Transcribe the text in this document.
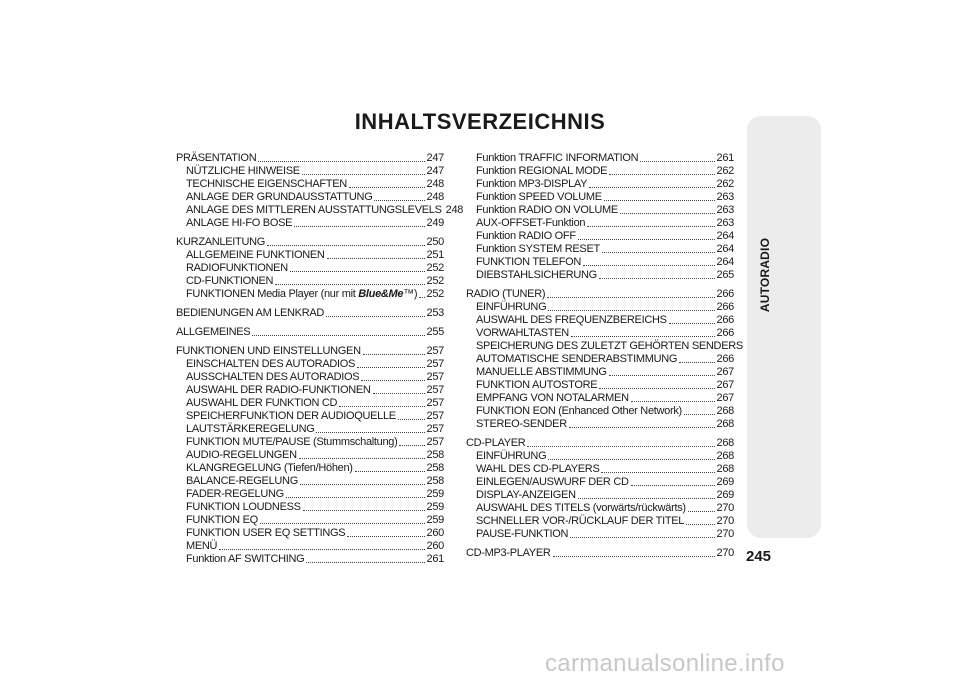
INHALTSVERZEICHNIS
PRÄSENTATION	247
NÜTZLICHE HINWEISE	247
TECHNISCHE EIGENSCHAFTEN	248
ANLAGE DER GRUNDAUSSTATTUNG	248
ANLAGE DES MITTLEREN AUSSTATTUNGSLEVELS 248
ANLAGE HI-FO BOSE	249
KURZANLEITUNG	250
ALLGEMEINE FUNKTIONEN	251
RADIOFUNKTIONEN	252
CD-FUNKTIONEN	252
FUNKTIONEN Media Player (nur mit Blue&Me™) 252
BEDIENUNGEN AM LENKRAD	253
ALLGEMEINES	255
FUNKTIONEN UND EINSTELLUNGEN	257
EINSCHALTEN DES AUTORADIOS	257
AUSSCHALTEN DES AUTORADIOS	257
AUSWAHL DER RADIO-FUNKTIONEN	257
AUSWAHL DER FUNKTION CD	257
SPEICHERFUNKTION DER AUDIOQUELLE	257
LAUTSTÄRKEREGELUNG	257
FUNKTION MUTE/PAUSE (Stummschaltung)	257
AUDIO-REGELUNGEN	258
KLANGREGELUNG (Tiefen/Höhen)	258
BALANCE-REGELUNG	258
FADER-REGELUNG	259
FUNKTION LOUDNESS	259
FUNKTION EQ	259
FUNKTION USER EQ SETTINGS	260
MENÜ	260
Funktion AF SWITCHING	261
Funktion TRAFFIC INFORMATION	261
Funktion REGIONAL MODE	262
Funktion MP3-DISPLAY	262
Funktion SPEED VOLUME	263
Funktion RADIO ON VOLUME	263
AUX-OFFSET-Funktion	263
Funktion RADIO OFF	264
Funktion SYSTEM RESET	264
FUNKTION TELEFON	264
DIEBSTAHLSICHERUNG	265
RADIO (TUNER)	266
EINFÜHRUNG	266
AUSWAHL DES FREQUENZBEREICHS	266
VORWAHLTASTEN	266
SPEICHERUNG DES ZULETZT GEHÖRTEN SENDERS
AUTOMATISCHE SENDERABSTIMMUNG	266
MANUELLE ABSTIMMUNG	267
FUNKTION AUTOSTORE	267
EMPFANG VON NOTALARMEN	267
FUNKTION EON (Enhanced Other Network)	268
STEREO-SENDER	268
CD-PLAYER	268
EINFÜHRUNG	268
WAHL DES CD-PLAYERS	268
EINLEGEN/AUSWURF DER CD	269
DISPLAY-ANZEIGEN	269
AUSWAHL DES TITELS (vorwärts/rückwärts)	270
SCHNELLER VOR-/RÜCKLAUF DER TITEL	270
PAUSE-FUNKTION	270
CD-MP3-PLAYER	270
AUTORADIO
245
carmanualsonline.info
